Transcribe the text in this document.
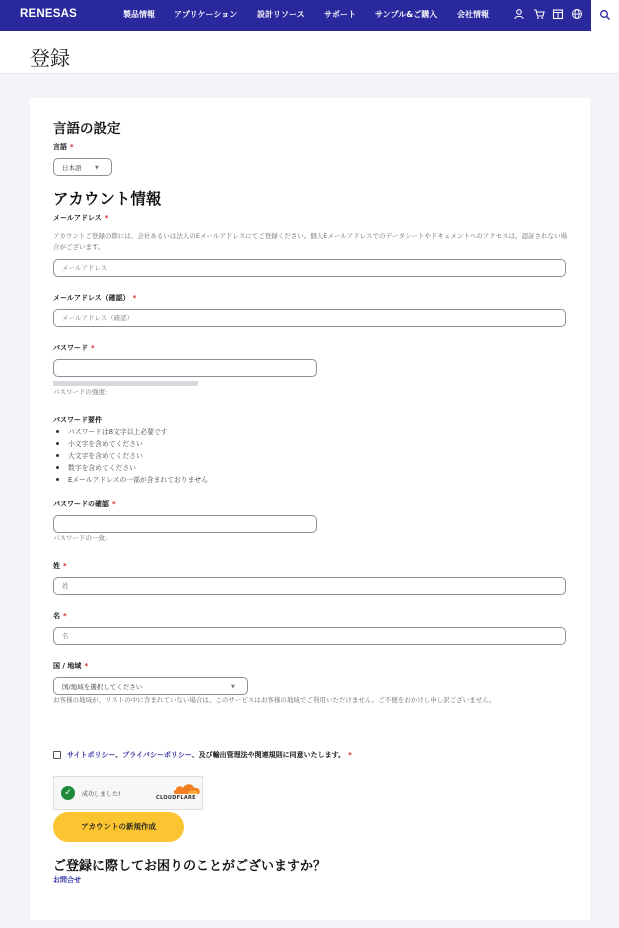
RENESAS	製品情報 アプリケーション 設計リソース サポート サンプル&ご購入 会社情報
登録
言語の設定
言語 *
日本語	▼
アカウント情報
メールアドレス *
アカウントご登録の際には、会社あるいは法人のEメールアドレスにてご登録ください。個人Eメールアドレスでのデータシートやドキュメントへのアクセスは、認証されない場合がございます。
メールアドレス
メールアドレス（確認） *
メールアドレス（確認）
パスワード *
パスワードの強度:
パスワード要件
パスワードは8文字以上必要です
小文字を含めてください
大文字を含めてください
数字を含めてください
Eメールアドレスの一部が含まれておりません
パスワードの確認 *
パスワードの一致:
姓 *
姓
名 *
名
国 / 地域 *
国/地域を選択してください	▼
お客様の地域が、リストの中に含まれていない場合は、このサービスはお客様の地域でご利用いただけません。ご不便をおかけし申し訳ございません。
サイトポリシー、プライバシーポリシー、及び輸出管理法や関連規則に同意いたします。 *
✓	成功しました!	CLOUDFLARE
アカウントの新規作成
ご登録に際してお困りのことがございますか？
お問合せ
